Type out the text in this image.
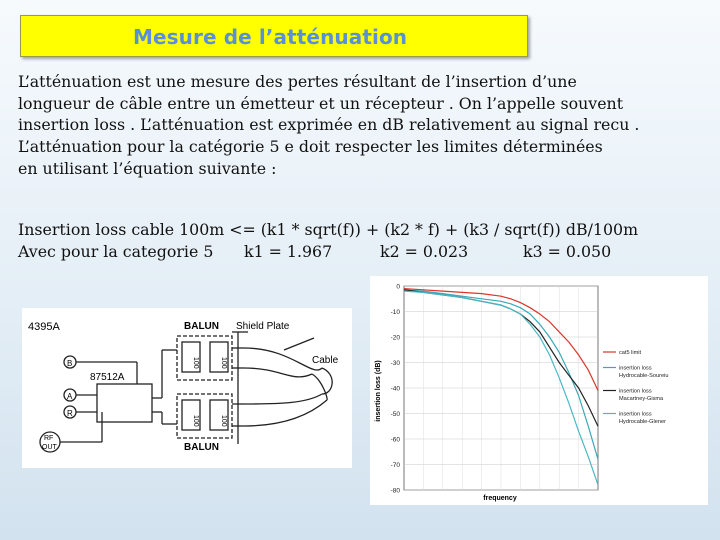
Mesure de l’atténuation
L’atténuation est une mesure des pertes résultant de l’insertion d’une
longueur de câble entre un émetteur et un récepteur . On l’appelle souvent
insertion loss . L’atténuation est exprimée en dB relativement au signal recu .
L’atténuation pour la catégorie 5 e doit respecter les limites déterminées
en utilisant l’équation suivante :
Insertion loss cable 100m <= (k1 * sqrt(f)) + (k2 * f) + (k3 / sqrt(f)) dB/100m
Avec pour la categorie 5 k1 = 1.967	k2 = 0.023	k3 = 0.050
4395A	BALUN
BALUN
Shield Plate
Cable
87512A
B
A
R
RF
OUT
100	100
100	100
0
-10
-20
-30
-40
-50
-60
-70
-80
cat5 limit
insertion loss
Hydrocable-Soureiu
insertion loss
Macartney-Gisma
insertion loss
Hydrocable-Glener
frequency
insertion loss (dB)
